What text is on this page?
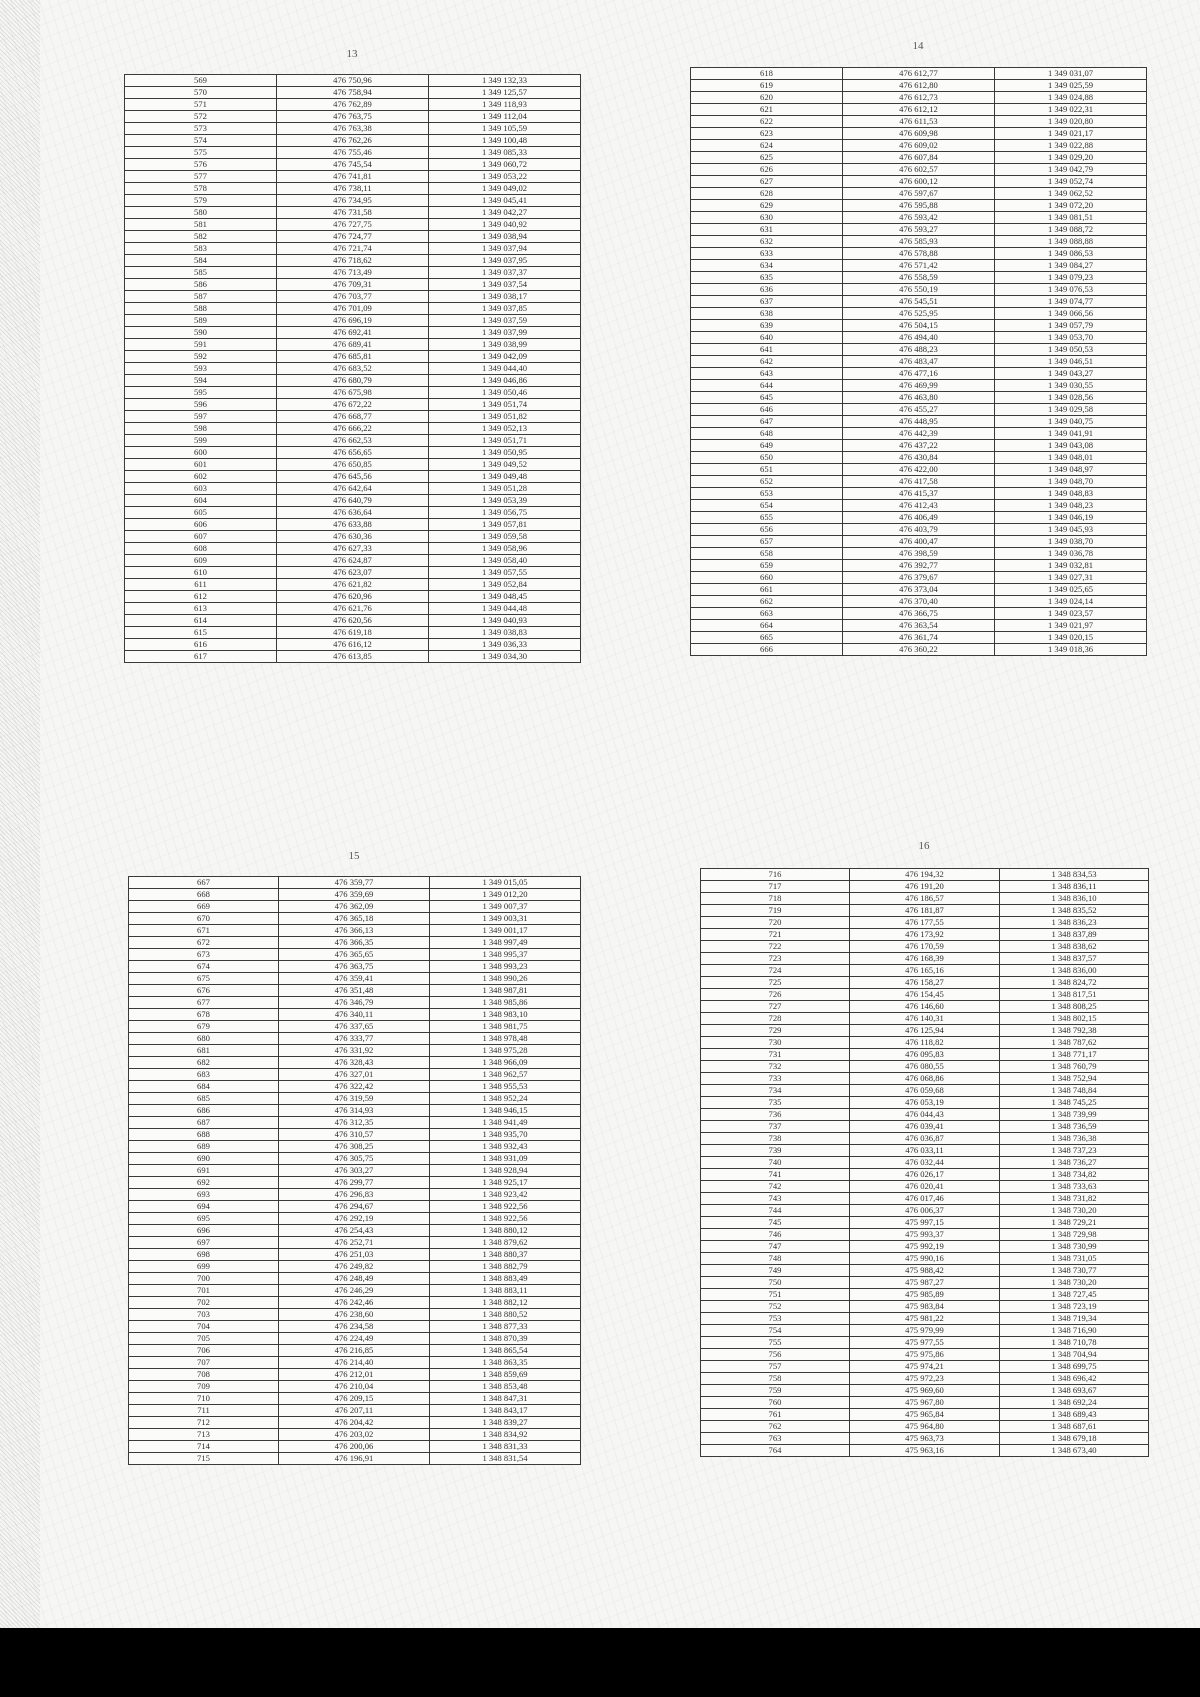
13
569	476 750,96	1 349 132,33
570	476 758,94	1 349 125,57
571	476 762,89	1 349 118,93
572	476 763,75	1 349 112,04
573	476 763,38	1 349 105,59
574	476 762,26	1 349 100,48
575	476 755,46	1 349 085,33
576	476 745,54	1 349 060,72
577	476 741,81	1 349 053,22
578	476 738,11	1 349 049,02
579	476 734,95	1 349 045,41
580	476 731,58	1 349 042,27
581	476 727,75	1 349 040,92
582	476 724,77	1 349 038,94
583	476 721,74	1 349 037,94
584	476 718,62	1 349 037,95
585	476 713,49	1 349 037,37
586	476 709,31	1 349 037,54
587	476 703,77	1 349 038,17
588	476 701,09	1 349 037,85
589	476 696,19	1 349 037,59
590	476 692,41	1 349 037,99
591	476 689,41	1 349 038,99
592	476 685,81	1 349 042,09
593	476 683,52	1 349 044,40
594	476 680,79	1 349 046,86
595	476 675,98	1 349 050,46
596	476 672,22	1 349 051,74
597	476 668,77	1 349 051,82
598	476 666,22	1 349 052,13
599	476 662,53	1 349 051,71
600	476 656,65	1 349 050,95
601	476 650,85	1 349 049,52
602	476 645,56	1 349 049,48
603	476 642,64	1 349 051,28
604	476 640,79	1 349 053,39
605	476 636,64	1 349 056,75
606	476 633,88	1 349 057,81
607	476 630,36	1 349 059,58
608	476 627,33	1 349 058,96
609	476 624,87	1 349 058,40
610	476 623,07	1 349 057,55
611	476 621,82	1 349 052,84
612	476 620,96	1 349 048,45
613	476 621,76	1 349 044,48
614	476 620,56	1 349 040,93
615	476 619,18	1 349 038,83
616	476 616,12	1 349 036,33
617	476 613,85	1 349 034,30
14
618	476 612,77	1 349 031,07
619	476 612,80	1 349 025,59
620	476 612,73	1 349 024,88
621	476 612,12	1 349 022,31
622	476 611,53	1 349 020,80
623	476 609,98	1 349 021,17
624	476 609,02	1 349 022,88
625	476 607,84	1 349 029,20
626	476 602,57	1 349 042,79
627	476 600,12	1 349 052,74
628	476 597,67	1 349 062,52
629	476 595,88	1 349 072,20
630	476 593,42	1 349 081,51
631	476 593,27	1 349 088,72
632	476 585,93	1 349 088,88
633	476 578,88	1 349 086,53
634	476 571,42	1 349 084,27
635	476 558,59	1 349 079,23
636	476 550,19	1 349 076,53
637	476 545,51	1 349 074,77
638	476 525,95	1 349 066,56
639	476 504,15	1 349 057,79
640	476 494,40	1 349 053,70
641	476 488,23	1 349 050,53
642	476 483,47	1 349 046,51
643	476 477,16	1 349 043,27
644	476 469,99	1 349 030,55
645	476 463,80	1 349 028,56
646	476 455,27	1 349 029,58
647	476 448,95	1 349 040,75
648	476 442,39	1 349 041,91
649	476 437,22	1 349 043,08
650	476 430,84	1 349 048,01
651	476 422,00	1 349 048,97
652	476 417,58	1 349 048,70
653	476 415,37	1 349 048,83
654	476 412,43	1 349 048,23
655	476 406,49	1 349 046,19
656	476 403,79	1 349 045,93
657	476 400,47	1 349 038,70
658	476 398,59	1 349 036,78
659	476 392,77	1 349 032,81
660	476 379,67	1 349 027,31
661	476 373,04	1 349 025,65
662	476 370,40	1 349 024,14
663	476 366,75	1 349 023,57
664	476 363,54	1 349 021,97
665	476 361,74	1 349 020,15
666	476 360,22	1 349 018,36
15
667	476 359,77	1 349 015,05
668	476 359,69	1 349 012,20
669	476 362,09	1 349 007,37
670	476 365,18	1 349 003,31
671	476 366,13	1 349 001,17
672	476 366,35	1 348 997,49
673	476 365,65	1 348 995,37
674	476 363,75	1 348 993,23
675	476 359,41	1 348 990,26
676	476 351,48	1 348 987,81
677	476 346,79	1 348 985,86
678	476 340,11	1 348 983,10
679	476 337,65	1 348 981,75
680	476 333,77	1 348 978,48
681	476 331,92	1 348 975,28
682	476 328,43	1 348 966,09
683	476 327,01	1 348 962,57
684	476 322,42	1 348 955,53
685	476 319,59	1 348 952,24
686	476 314,93	1 348 946,15
687	476 312,35	1 348 941,49
688	476 310,57	1 348 935,70
689	476 308,25	1 348 932,43
690	476 305,75	1 348 931,09
691	476 303,27	1 348 928,94
692	476 299,77	1 348 925,17
693	476 296,83	1 348 923,42
694	476 294,67	1 348 922,56
695	476 292,19	1 348 922,56
696	476 254,43	1 348 880,12
697	476 252,71	1 348 879,62
698	476 251,03	1 348 880,37
699	476 249,82	1 348 882,79
700	476 248,49	1 348 883,49
701	476 246,29	1 348 883,11
702	476 242,46	1 348 882,12
703	476 238,60	1 348 880,52
704	476 234,58	1 348 877,33
705	476 224,49	1 348 870,39
706	476 216,85	1 348 865,54
707	476 214,40	1 348 863,35
708	476 212,01	1 348 859,69
709	476 210,04	1 348 853,48
710	476 209,15	1 348 847,31
711	476 207,11	1 348 843,17
712	476 204,42	1 348 839,27
713	476 203,02	1 348 834,92
714	476 200,06	1 348 831,33
715	476 196,91	1 348 831,54
16
716	476 194,32	1 348 834,53
717	476 191,20	1 348 836,11
718	476 186,57	1 348 836,10
719	476 181,87	1 348 835,52
720	476 177,55	1 348 836,23
721	476 173,92	1 348 837,89
722	476 170,59	1 348 838,62
723	476 168,39	1 348 837,57
724	476 165,16	1 348 836,00
725	476 158,27	1 348 824,72
726	476 154,45	1 348 817,51
727	476 146,60	1 348 808,25
728	476 140,31	1 348 802,15
729	476 125,94	1 348 792,38
730	476 118,82	1 348 787,62
731	476 095,83	1 348 771,17
732	476 080,55	1 348 760,79
733	476 068,86	1 348 752,94
734	476 059,68	1 348 748,84
735	476 053,19	1 348 745,25
736	476 044,43	1 348 739,99
737	476 039,41	1 348 736,59
738	476 036,87	1 348 736,38
739	476 033,11	1 348 737,23
740	476 032,44	1 348 736,27
741	476 026,17	1 348 734,82
742	476 020,41	1 348 733,63
743	476 017,46	1 348 731,82
744	476 006,37	1 348 730,20
745	475 997,15	1 348 729,21
746	475 993,37	1 348 729,98
747	475 992,19	1 348 730,99
748	475 990,16	1 348 731,05
749	475 988,42	1 348 730,77
750	475 987,27	1 348 730,20
751	475 985,89	1 348 727,45
752	475 983,84	1 348 723,19
753	475 981,22	1 348 719,34
754	475 979,99	1 348 716,90
755	475 977,55	1 348 710,78
756	475 975,86	1 348 704,94
757	475 974,21	1 348 699,75
758	475 972,23	1 348 696,42
759	475 969,60	1 348 693,67
760	475 967,80	1 348 692,24
761	475 965,84	1 348 689,43
762	475 964,80	1 348 687,61
763	475 963,73	1 348 679,18
764	475 963,16	1 348 673,40
